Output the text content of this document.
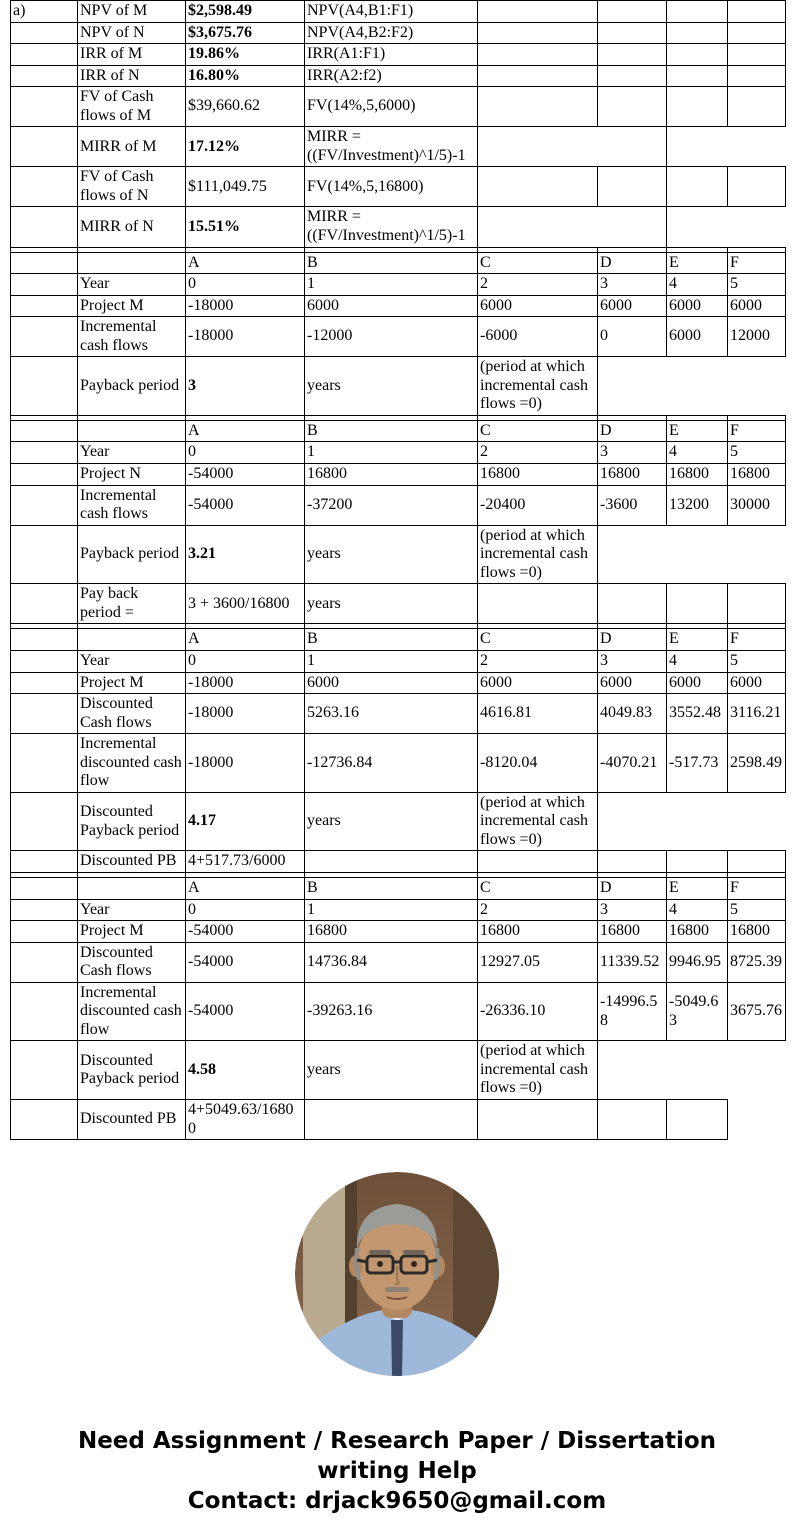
a)	NPV of M	$2,598.49	NPV(A4,B1:F1)				
	NPV of N	$3,675.76	NPV(A4,B2:F2)				
	IRR of M	19.86%	IRR(A1:F1)				
	IRR of N	16.80%	IRR(A2:f2)				
	FV of Cash flows of M	$39,660.62	FV(14%,5,6000)				
	MIRR of M	17.12%	MIRR = ((FV/Investment)^1/5)-1				
	FV of Cash flows of N	$111,049.75	FV(14%,5,16800)				
	MIRR of N	15.51%	MIRR = ((FV/Investment)^1/5)-1				

		A	B	C	D	E	F
	Year	0	1	2	3	4	5
	Project M	-18000	6000	6000	6000	6000	6000
	Incremental cash flows	-18000	-12000	-6000	0	6000	12000
	Payback period	3	years	(period at which incremental cash flows =0)			

		A	B	C	D	E	F
	Year	0	1	2	3	4	5
	Project N	-54000	16800	16800	16800	16800	16800
	Incremental cash flows	-54000	-37200	-20400	-3600	13200	30000
	Payback period	3.21	years	(period at which incremental cash flows =0)			
	Pay back period =	3 + 3600/16800	years				

		A	B	C	D	E	F
	Year	0	1	2	3	4	5
	Project M	-18000	6000	6000	6000	6000	6000
	Discounted Cash flows	-18000	5263.16	4616.81	4049.83	3552.48	3116.21
	Incremental discounted cash flow	-18000	-12736.84	-8120.04	-4070.21	-517.73	2598.49
	Discounted Payback period	4.17	years	(period at which incremental cash flows =0)			
	Discounted PB	4+517.73/6000					

		A	B	C	D	E	F
	Year	0	1	2	3	4	5
	Project M	-54000	16800	16800	16800	16800	16800
	Discounted Cash flows	-54000	14736.84	12927.05	11339.52	9946.95	8725.39
	Incremental discounted cash flow	-54000	-39263.16	-26336.10	-14996.58	-5049.63	3675.76
	Discounted Payback period	4.58	years	(period at which incremental cash flows =0)			
	Discounted PB	4+5049.63/16800					
Need Assignment / Research Paper / Dissertation
writing Help
Contact: drjack9650@gmail.com
